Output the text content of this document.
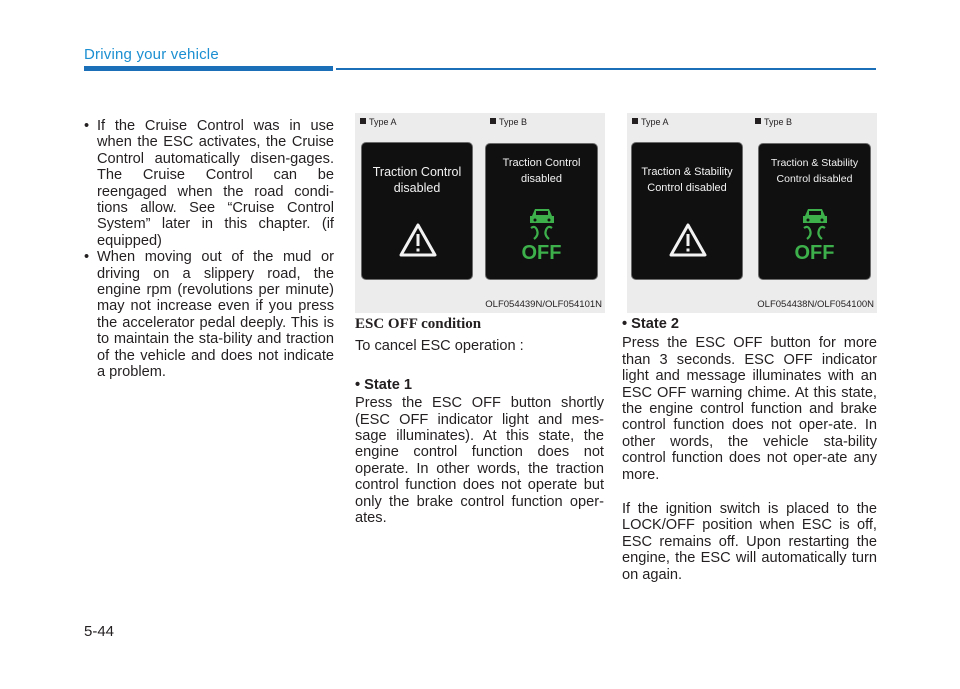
Driving your vehicle
• If the Cruise Control was in use when the ESC activates, the Cruise Control automatically disen-gages. The Cruise Control can be reengaged when the road condi-tions allow. See “Cruise Control System” later in this chapter. (if equipped)
• When moving out of the mud or driving on a slippery road, the engine rpm (revolutions per minute) may not increase even if you press the accelerator pedal deeply. This is to maintain the sta-bility and traction of the vehicle and does not indicate a problem.
Type A	Type B
Traction Control
disabled
Traction Control
disabled
OFF
OLF054439N/OLF054101N
Type A	Type B
Traction & Stability
Control disabled
Traction & Stability
Control disabled
OFF
OLF054438N/OLF054100N

ESC OFF condition

To cancel ESC operation :

• State 1

Press the ESC OFF button shortly (ESC OFF indicator light and mes-sage illuminates). At this state, the engine control function does not operate. In other words, the traction control function does not operate but only the brake control function oper-ates.

• State 2

Press the ESC OFF button for more than 3 seconds. ESC OFF indicator light and message illuminates with an ESC OFF warning chime. At this state, the engine control function and brake control function does not oper-ate. In other words, the vehicle sta-bility control function does not oper-ate any more.

If the ignition switch is placed to the LOCK/OFF position when ESC is off, ESC remains off. Upon restarting the engine, the ESC will automatically turn on again.

5-44
